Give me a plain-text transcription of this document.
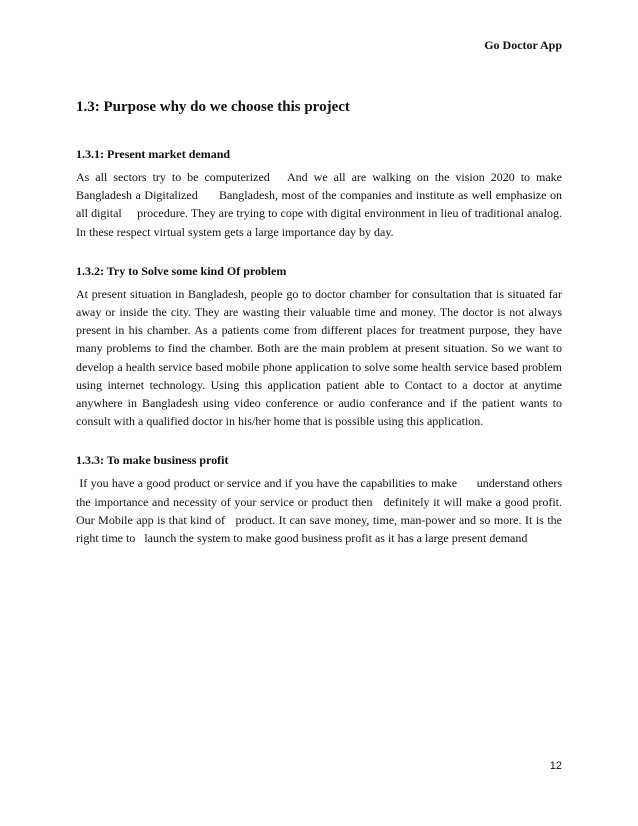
Go Doctor App
1.3: Purpose why do we choose this project
1.3.1: Present market demand

As all sectors try to be computerized   And we all are walking on the vision 2020 to make Bangladesh a Digitalized      Bangladesh, most of the companies and institute as well emphasize on all digital     procedure. They are trying to cope with digital environment in lieu of traditional analog. In these respect virtual system gets a large importance day by day.

1.3.2: Try to Solve some kind Of problem

At present situation in Bangladesh, people go to doctor chamber for consultation that is situated far away or inside the city. They are wasting their valuable time and money. The doctor is not always present in his chamber. As a patients come from different places for treatment purpose, they have many problems to find the chamber. Both are the main problem at present situation. So we want to develop a health service based mobile phone application to solve some health service based problem using internet technology. Using this application patient able to Contact to a doctor at anytime anywhere in Bangladesh using video conference or audio conferance and if the patient wants to consult with a qualified doctor in his/her home that is possible using this application.

1.3.3: To make business profit

If you have a good product or service and if you have the capabilities to make      understand others the importance and necessity of your service or product then   definitely it will make a good profit. Our Mobile app is that kind of   product. It can save money, time, man-power and so more. It is the right time to   launch the system to make good business profit as it has a large present demand

12
